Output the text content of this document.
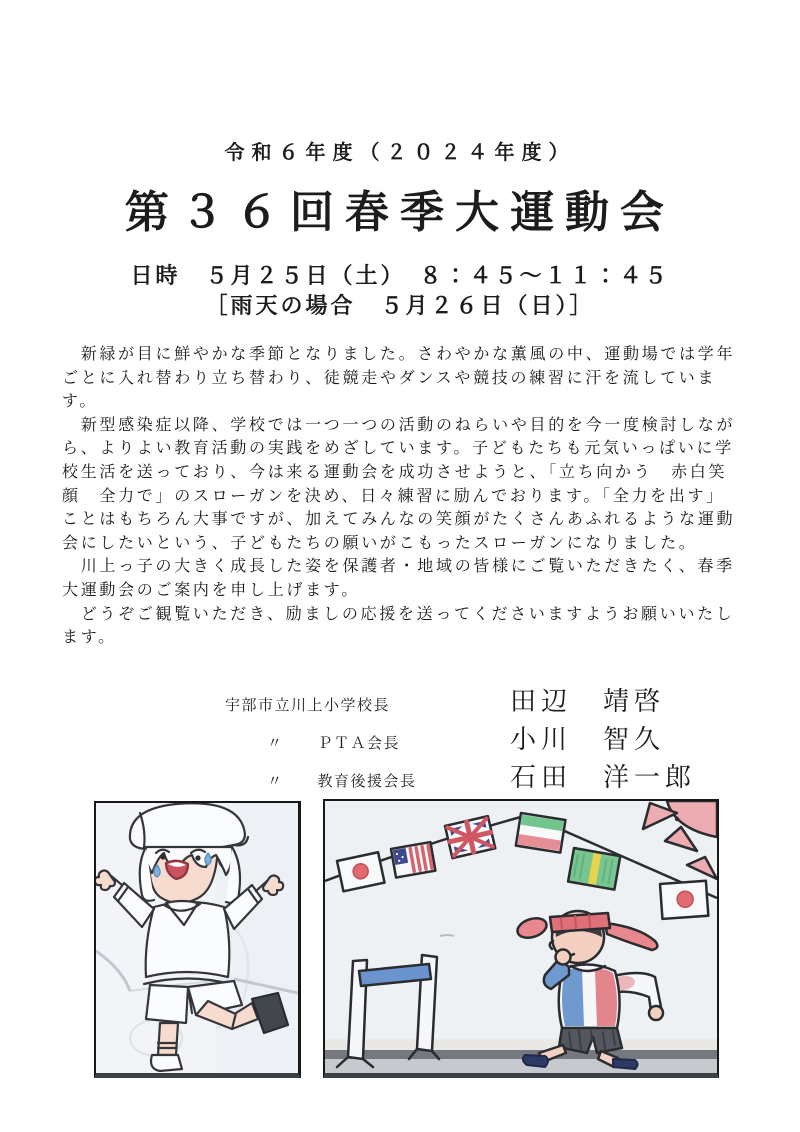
令和６年度（２０２４年度）
第３６回春季大運動会
日時　５月２５日（土）　８：４５～１１：４５
［雨天の場合　５月２６日（日）］
　新緑が目に鮮やかな季節となりました。さわやかな薫風の中、運動場では学年
ごとに入れ替わり立ち替わり、徒競走やダンスや競技の練習に汗を流していま
す。
　新型感染症以降、学校では一つ一つの活動のねらいや目的を今一度検討しなが
ら、よりよい教育活動の実践をめざしています。子どもたちも元気いっぱいに学
校生活を送っており、今は来る運動会を成功させようと、「立ち向かう　赤白笑
顔　全力で」のスローガンを決め、日々練習に励んでおります。「全力を出す」
ことはもちろん大事ですが、加えてみんなの笑顔がたくさんあふれるような運動
会にしたいという、子どもたちの願いがこもったスローガンになりました。
　川上っ子の大きく成長した姿を保護者・地域の皆様にご覧いただきたく、春季
大運動会のご案内を申し上げます。
　どうぞご観覧いただき、励ましの応援を送ってくださいますようお願いいたし
ます。
宇部市立川上小学校長	田辺　靖啓
〃 ＰＴＡ会長	小川　智久
〃 教育後援会長	石田　洋一郎
